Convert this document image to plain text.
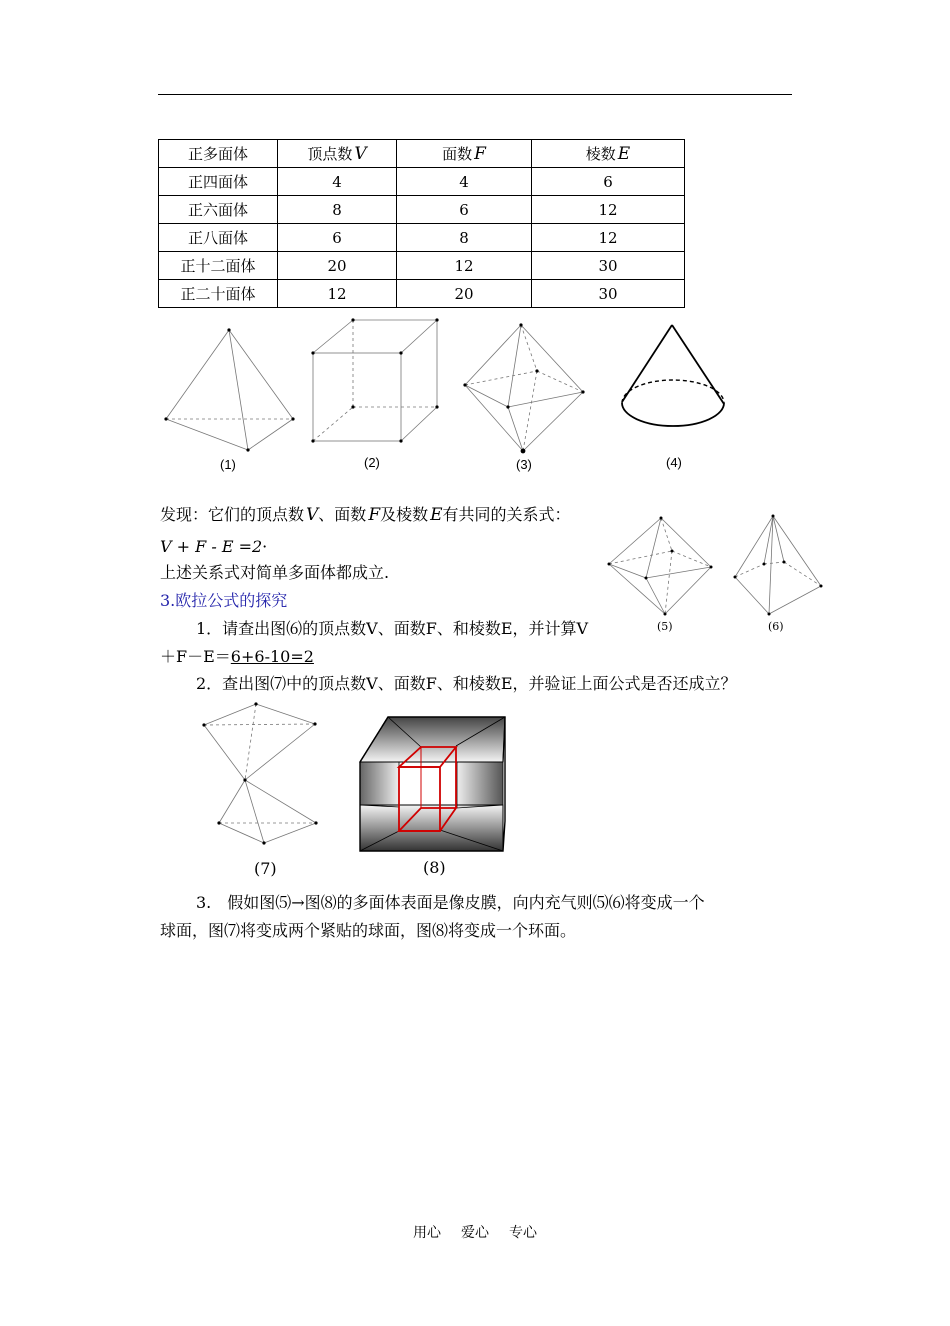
正多面体	顶点数 V	面数 F	棱数 E
正四面体	4	4	6
正六面体	8	6	12
正八面体	6	8	12
正十二面体	20	12	30
正二十面体	12	20	30
(1)	(2)	(3)	(4)
(5)	(6)
(7)	(8)
发现：它们的顶点数 V、面数 F及棱数 E有共同的关系式：
V + F - E =2·
上述关系式对简单多面体都成立.
3.欧拉公式的探究
1．请查出图⑹的顶点数V、面数F、和棱数E，并计算V
＋F－E＝6+6-10=2
2．查出图⑺中的顶点数V、面数F、和棱数E，并验证上面公式是否还成立？
3.　假如图⑸→图⑻的多面体表面是像皮膜，向内充气则⑸⑹将变成一个
球面，图⑺将变成两个紧贴的球面，图⑻将变成一个环面。
用心 爱心 专心
